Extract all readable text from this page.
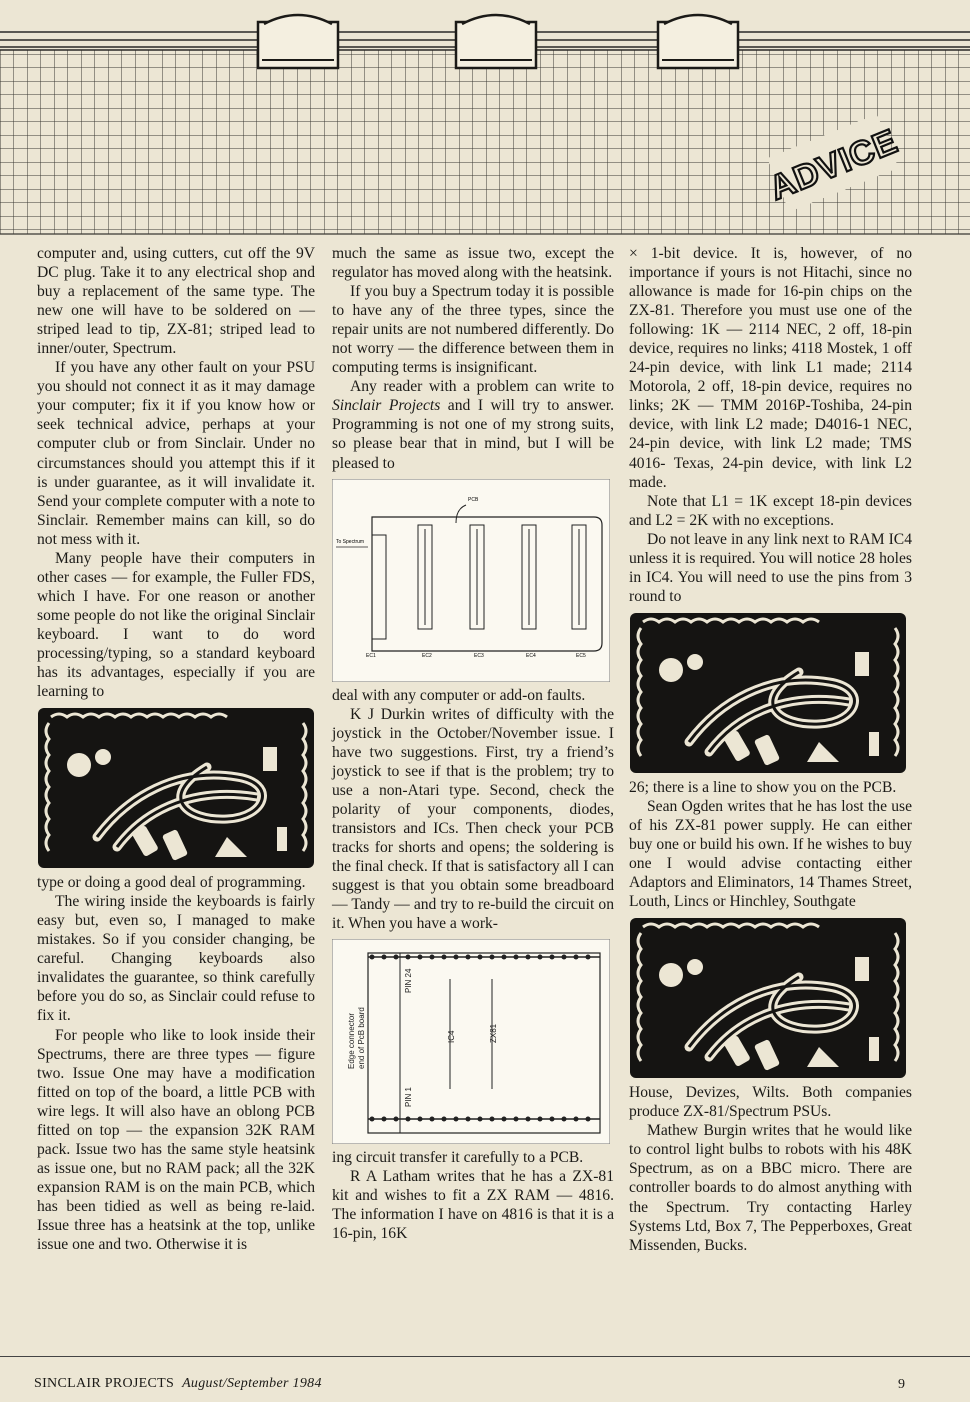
ADVICE

computer and, using cutters, cut off the 9V DC plug. Take it to any electrical shop and buy a replacement of the same type. The new one will have to be soldered on — striped lead to tip, ZX-81; striped lead to inner/outer, Spectrum.

If you have any other fault on your PSU you should not connect it as it may damage your computer; fix it if you know how or seek technical advice, perhaps at your computer club or from Sinclair. Under no circumstances should you attempt this if it is under guarantee, as it will invalidate it. Send your complete computer with a note to Sinclair. Remember mains can kill, so do not mess with it.

Many people have their computers in other cases — for example, the Fuller FDS, which I have. For one reason or another some people do not like the original Sinclair keyboard. I want to do word processing/typing, so a standard keyboard has its advantages, especially if you are learning to

type or doing a good deal of programming.

The wiring inside the keyboards is fairly easy but, even so, I managed to make mistakes. So if you consider changing, be careful. Changing keyboards also invalidates the guarantee, so think carefully before you do so, as Sinclair could refuse to fix it.

For people who like to look inside their Spectrums, there are three types — figure two. Issue One may have a modification fitted on top of the board, a little PCB with wire legs. It will also have an oblong PCB fitted on top — the expansion 32K RAM pack. Issue two has the same style heatsink as issue one, but no RAM pack; all the 32K expansion RAM is on the main PCB, which has been tidied as well as being re-laid. Issue three has a heatsink at the top, unlike issue one and two. Otherwise it is

much the same as issue two, except the regulator has moved along with the heatsink.

If you buy a Spectrum today it is possible to have any of the three types, since the repair units are not numbered differently. Do not worry — the difference between them in computing terms is insignificant.

Any reader with a problem can write to Sinclair Projects and I will try to answer. Programming is not one of my strong suits, so please bear that in mind, but I will be pleased to

PCB
To Spectrum
EC1	EC2	EC3	EC4	EC5

deal with any computer or add-on faults.

K J Durkin writes of difficulty with the joystick in the October/November issue. I have two suggestions. First, try a friend’s joystick to see if that is the problem; try to use a non-Atari type. Second, check the polarity of your components, diodes, transistors and ICs. Then check your PCB tracks for shorts and opens; the soldering is the final check. If that is satisfactory all I can suggest is that you obtain some breadboard — Tandy — and try to re-build the circuit on it. When you have a work-

Edge connector end of PcB board
PIN 24
PIN 1
IC4	ZX81

ing circuit transfer it carefully to a PCB.

R A Latham writes that he has a ZX-81 kit and wishes to fit a ZX RAM — 4816. The information I have on 4816 is that it is a 16-pin, 16K

× 1-bit device. It is, however, of no importance if yours is not Hitachi, since no allowance is made for 16-pin chips on the ZX-81. Therefore you must use one of the following: 1K — 2114 NEC, 2 off, 18-pin device, requires no links; 4118 Mostek, 1 off 24-pin device, with link L1 made; 2114 Motorola, 2 off, 18-pin device, requires no links; 2K — TMM 2016P-Toshiba, 24-pin device, with link L2 made; D4016-1 NEC, 24-pin device, with link L2 made; TMS 4016- Texas, 24-pin device, with link L2 made.

Note that L1 = 1K except 18-pin devices and L2 = 2K with no exceptions.

Do not leave in any link next to RAM IC4 unless it is required. You will notice 28 holes in IC4. You will need to use the pins from 3 round to

26; there is a line to show you on the PCB.

Sean Ogden writes that he has lost the use of his ZX-81 power supply. He can either buy one or build his own. If he wishes to buy one I would advise contacting either Adaptors and Eliminators, 14 Thames Street, Louth, Lincs or Hinchley, Southgate

House, Devizes, Wilts. Both companies produce ZX-81/Spectrum PSUs.

Mathew Burgin writes that he would like to control light bulbs to robots with his 48K Spectrum, as on a BBC micro. There are controller boards to do almost anything with the Spectrum. Try contacting Harley Systems Ltd, Box 7, The Pepperboxes, Great Missenden, Bucks.

SINCLAIR PROJECTS August/September 1984	9
